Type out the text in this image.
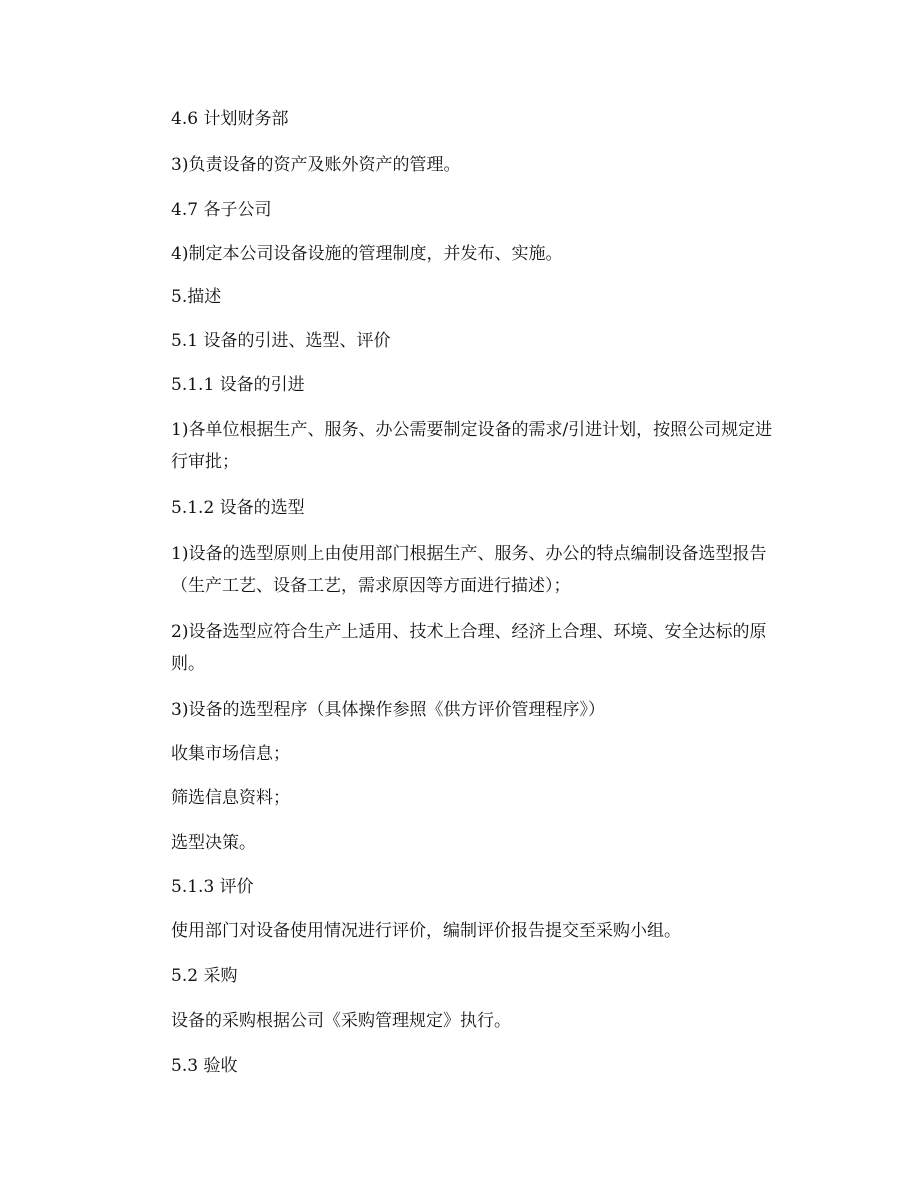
4.6 计划财务部
3)负责设备的资产及账外资产的管理。
4.7 各子公司
4)制定本公司设备设施的管理制度，并发布、实施。
5.描述
5.1 设备的引进、选型、评价
5.1.1 设备的引进
1)各单位根据生产、服务、办公需要制定设备的需求/引进计划，按照公司规定进行审批；
5.1.2 设备的选型
1)设备的选型原则上由使用部门根据生产、服务、办公的特点编制设备选型报告（生产工艺、设备工艺，需求原因等方面进行描述）；
2)设备选型应符合生产上适用、技术上合理、经济上合理、环境、安全达标的原则。
3)设备的选型程序（具体操作参照《供方评价管理程序》）
收集市场信息；
筛选信息资料；
选型决策。
5.1.3 评价
使用部门对设备使用情况进行评价，编制评价报告提交至采购小组。
5.2 采购
设备的采购根据公司《采购管理规定》执行。
5.3 验收
